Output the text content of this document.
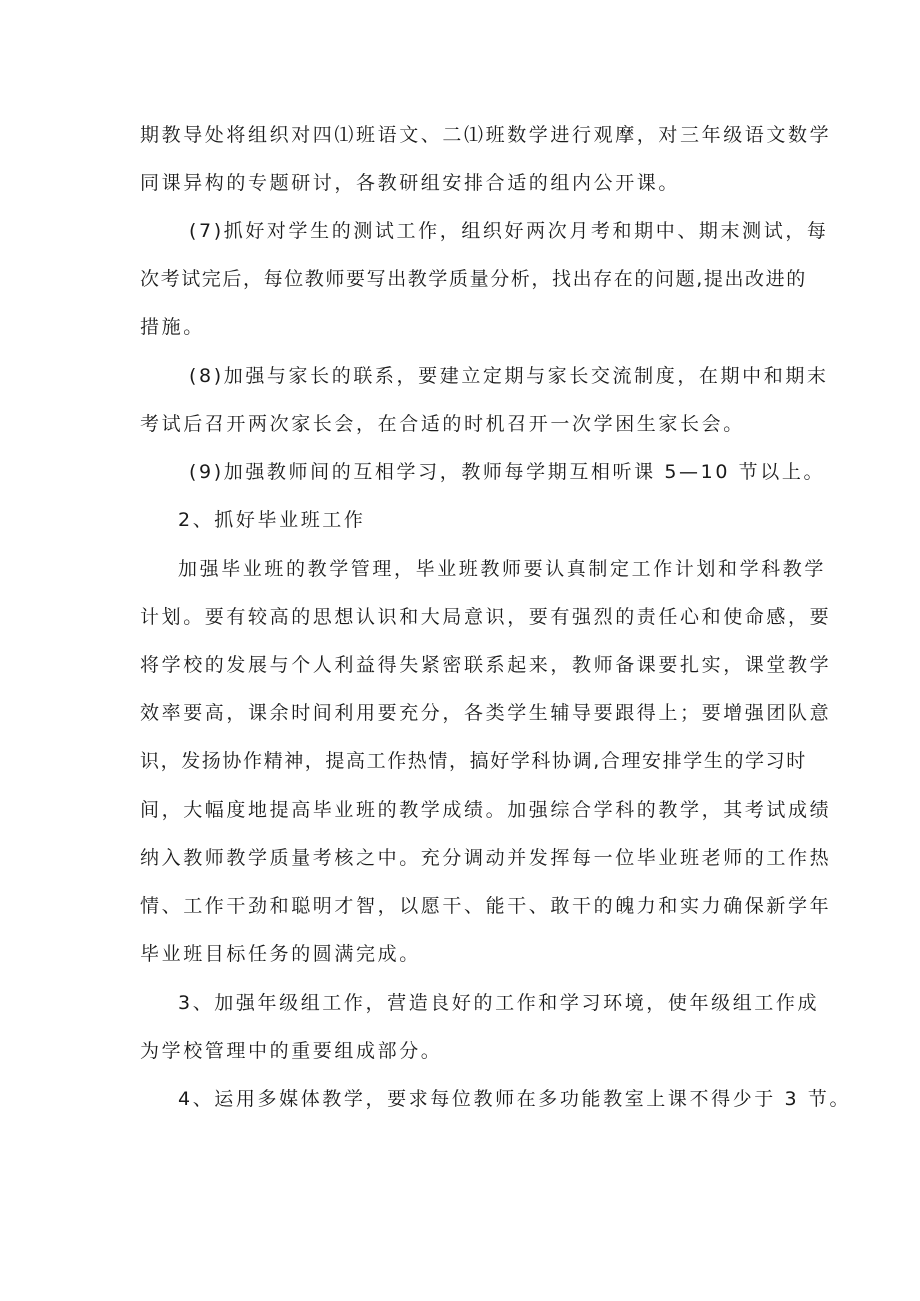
期教导处将组织对四⑴班语文、二⑴班数学进行观摩，对三年级语文数学

同课异构的专题研讨，各教研组安排合适的组内公开课。

(7)抓好对学生的测试工作，组织好两次月考和期中、期末测试，每

次考试完后，每位教师要写出教学质量分析，找出存在的问题,提出改进的

措施。

(8)加强与家长的联系，要建立定期与家长交流制度，在期中和期末

考试后召开两次家长会，在合适的时机召开一次学困生家长会。

(9)加强教师间的互相学习，教师每学期互相听课 5—10 节以上。

2、抓好毕业班工作

加强毕业班的教学管理，毕业班教师要认真制定工作计划和学科教学

计划。要有较高的思想认识和大局意识，要有强烈的责任心和使命感，要

将学校的发展与个人利益得失紧密联系起来，教师备课要扎实，课堂教学

效率要高，课余时间利用要充分，各类学生辅导要跟得上；要增强团队意

识，发扬协作精神，提高工作热情，搞好学科协调,合理安排学生的学习时

间，大幅度地提高毕业班的教学成绩。加强综合学科的教学，其考试成绩

纳入教师教学质量考核之中。充分调动并发挥每一位毕业班老师的工作热

情、工作干劲和聪明才智，以愿干、能干、敢干的魄力和实力确保新学年

毕业班目标任务的圆满完成。

3、加强年级组工作，营造良好的工作和学习环境，使年级组工作成

为学校管理中的重要组成部分。

4、运用多媒体教学，要求每位教师在多功能教室上课不得少于 3 节。
